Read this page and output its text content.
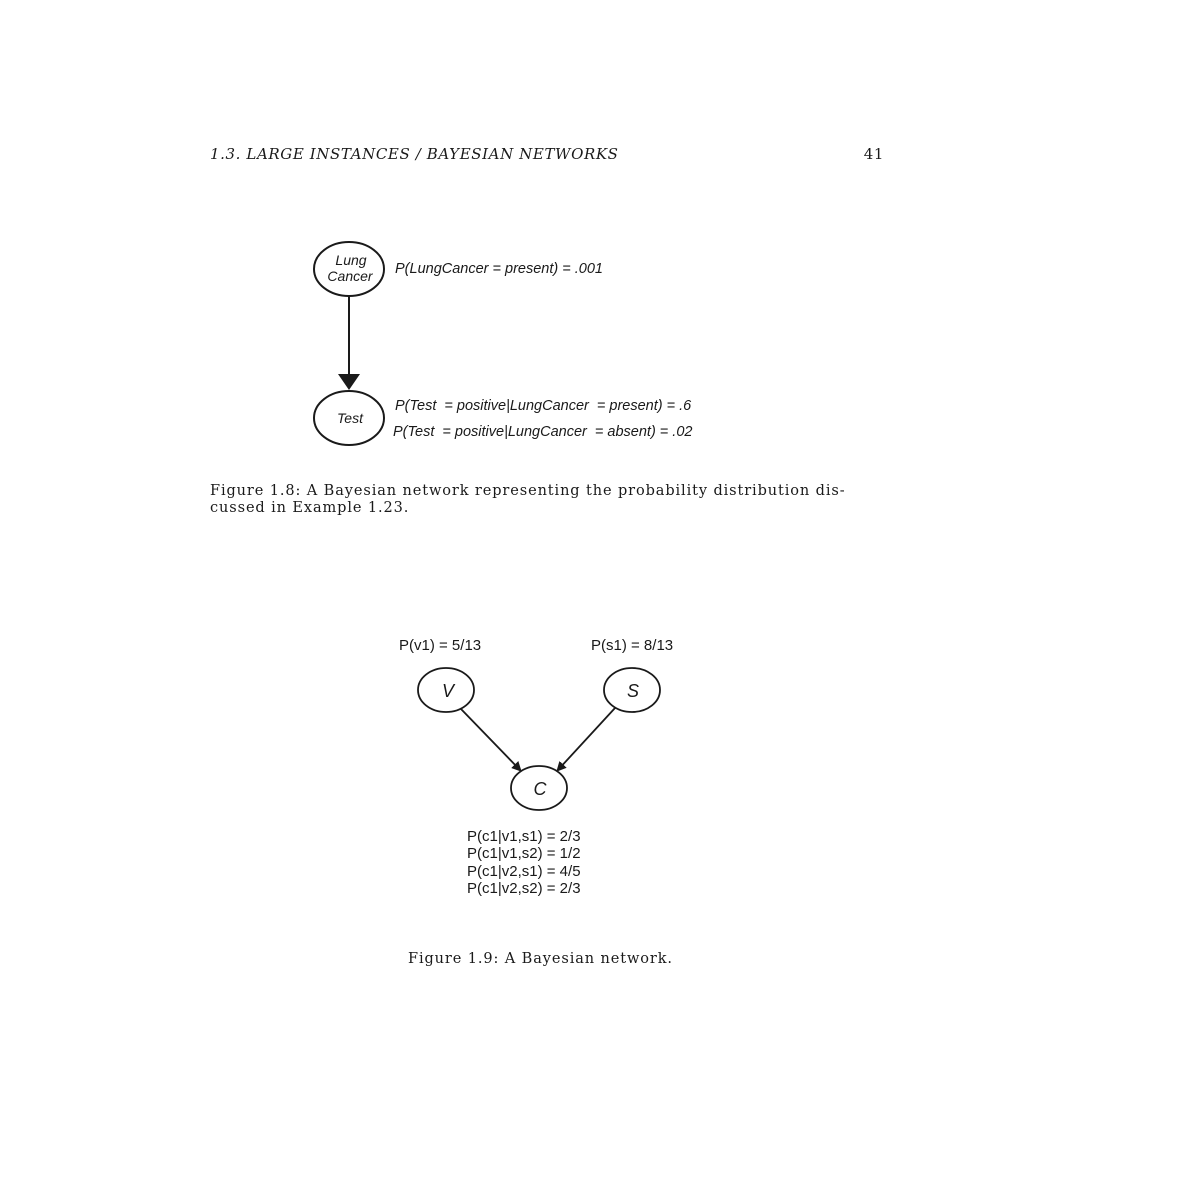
1.3. LARGE INSTANCES / BAYESIAN NETWORKS	41
Lung
Cancer
Test
P(LungCancer = present) = .001
P(Test  = positive|LungCancer  = present) = .6
P(Test  = positive|LungCancer  = absent) = .02
P(v1) = 5/13	P(s1) = 8/13
V	S
C
P(c1|v1,s1) = 2/3
P(c1|v1,s2) = 1/2
P(c1|v2,s1) = 4/5
P(c1|v2,s2) = 2/3
Figure 1.8: A Bayesian network representing the probability distribution dis- cussed in Example 1.23.
Figure 1.9: A Bayesian network.
